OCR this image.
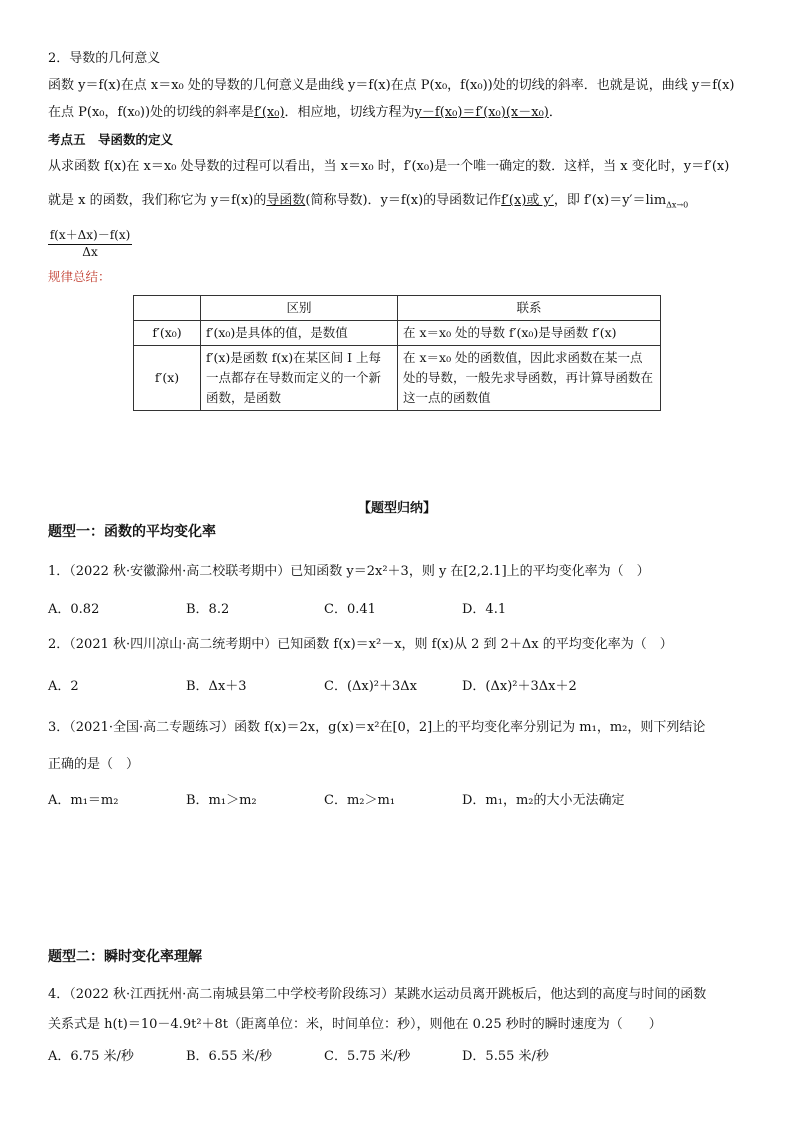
2．导数的几何意义
函数 y＝f(x)在点 x＝x₀ 处的导数的几何意义是曲线 y＝f(x)在点 P(x₀，f(x₀))处的切线的斜率．也就是说，曲线 y＝f(x)
在点 P(x₀，f(x₀))处的切线的斜率是f′(x₀)．相应地，切线方程为y－f(x₀)＝f′(x₀)(x－x₀)．
考点五　导函数的定义
从求函数 f(x)在 x＝x₀ 处导数的过程可以看出，当 x＝x₀ 时，f′(x₀)是一个唯一确定的数．这样，当 x 变化时，y＝f′(x)
就是 x 的函数，我们称它为 y＝f(x)的导函数(简称导数)．y＝f(x)的导函数记作f′(x)或 y′，即 $f'(x)=y'=\lim_{\Delta x\to 0}$
$\frac{f(x+\Delta x)-f(x)}{\Delta x}$
规律总结：
	区别	联系
f′(x₀)	f′(x₀)是具体的值，是数值	在 x＝x₀ 处的导数 f′(x₀)是导函数 f′(x)
f′(x)	f′(x)是函数 f(x)在某区间 I 上每一点都存在导数而定义的一个新函数，是函数	在 x＝x₀ 处的函数值，因此求函数在某一点处的导数，一般先求导函数，再计算导函数在这一点的函数值
【题型归纳】
题型一：函数的平均变化率
1．（2022 秋·安徽滁州·高二校联考期中）已知函数 y＝2x²＋3，则 y 在[2,2.1]上的平均变化率为（　）
A．0.82	B．8.2	C．0.41	D．4.1
2．（2021 秋·四川凉山·高二统考期中）已知函数 f(x)＝x²－x，则 f(x)从 2 到 2＋Δx 的平均变化率为（　）
A．2	B．Δx＋3	C．(Δx)²＋3Δx	D．(Δx)²＋3Δx＋2
3．（2021·全国·高二专题练习）函数 f(x)＝2x，g(x)＝x²在[0，2]上的平均变化率分别记为 m₁，m₂，则下列结论
正确的是（　）
A．m₁＝m₂	B．m₁＞m₂	C．m₂＞m₁	D．m₁，m₂的大小无法确定
题型二：瞬时变化率理解
4．（2022 秋·江西抚州·高二南城县第二中学校考阶段练习）某跳水运动员离开跳板后，他达到的高度与时间的函数
关系式是 h(t)＝10－4.9t²＋8t（距离单位：米，时间单位：秒），则他在 0.25 秒时的瞬时速度为（　　）
A．6.75 米/秒	B．6.55 米/秒	C．5.75 米/秒	D．5.55 米/秒
